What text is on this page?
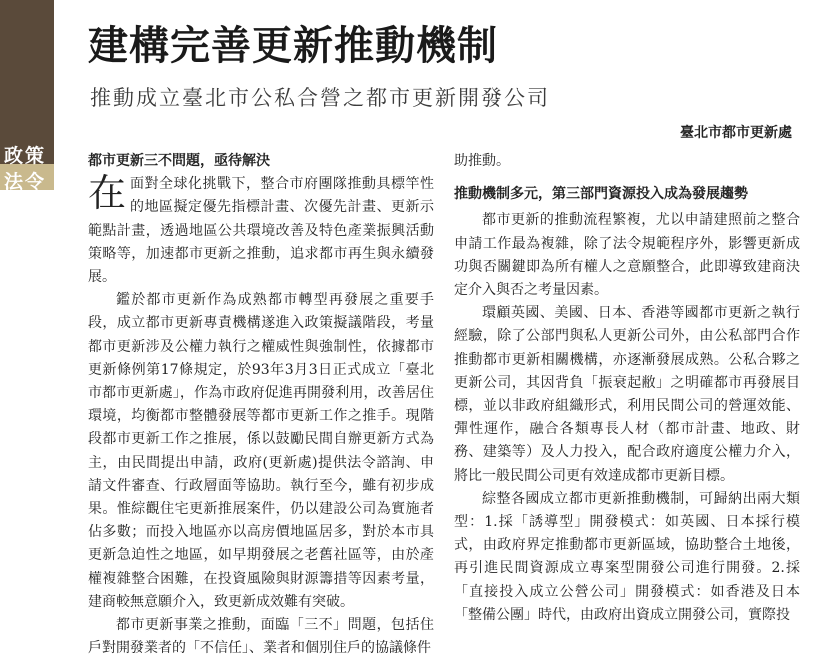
政策
法令
建構完善更新推動機制
推動成立臺北市公私合營之都市更新開發公司
臺北市都市更新處

都市更新三不問題，亟待解決

在面對全球化挑戰下，整合市府團隊推動具標竿性的地區擬定優先指標計畫、次優先計畫、更新示範點計畫，透過地區公共環境改善及特色產業振興活動策略等，加速都市更新之推動，追求都市再生與永續發展。

鑑於都市更新作為成熟都市轉型再發展之重要手段，成立都市更新專責機構遂進入政策擬議階段，考量都市更新涉及公權力執行之權威性與強制性，依據都市更新條例第17條規定，於93年3月3日正式成立「臺北市都市更新處」，作為市政府促進再開發利用，改善居住環境，均衡都市整體發展等都市更新工作之推手。現階段都市更新工作之推展，係以鼓勵民間自辦更新方式為主，由民間提出申請，政府(更新處)提供法令諮詢、申請文件審查、行政層面等協助。執行至今，雖有初步成果。惟綜觀住宅更新推展案件，仍以建設公司為實施者佔多數；而投入地區亦以高房價地區居多，對於本市具更新急迫性之地區，如早期發展之老舊社區等，由於產權複雜整合困難，在投資風險與財源籌措等因素考量，建商較無意願介入，致更新成效難有突破。

都市更新事業之推動，面臨「三不」問題，包括住戶對開發業者的「不信任」、業者和個別住戶的協議條件

助推動。

推動機制多元，第三部門資源投入成為發展趨勢

都市更新的推動流程繁複，尤以申請建照前之整合申請工作最為複雜，除了法令規範程序外，影響更新成功與否關鍵即為所有權人之意願整合，此即導致建商決定介入與否之考量因素。

環顧英國、美國、日本、香港等國都市更新之執行經驗，除了公部門與私人更新公司外，由公私部門合作推動都市更新相關機構，亦逐漸發展成熟。公私合夥之更新公司，其因背負「振衰起敝」之明確都市再發展目標，並以非政府組織形式，利用民間公司的營運效能、彈性運作，融合各類專長人材（都市計畫、地政、財務、建築等）及人力投入，配合政府適度公權力介入，將比一般民間公司更有效達成都市更新目標。

綜整各國成立都市更新推動機制，可歸納出兩大類型：1.採「誘導型」開發模式：如英國、日本採行模式，由政府界定推動都市更新區域，協助整合土地後，再引進民間資源成立專案型開發公司進行開發。2.採「直接投入成立公營公司」開發模式：如香港及日本「整備公團」時代，由政府出資成立開發公司，實際投
